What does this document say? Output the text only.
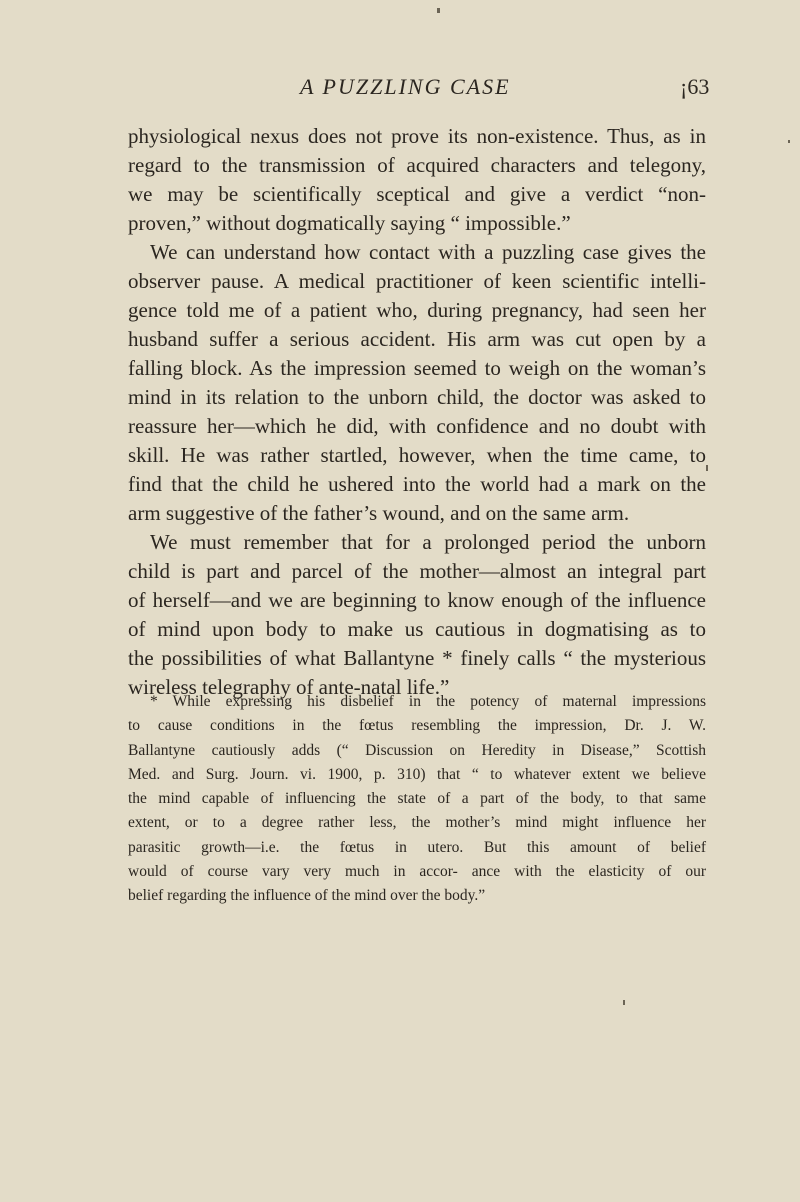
A PUZZLING CASE	¡63

physiological nexus does not prove its non-existence. Thus, as in

regard to the transmission of acquired characters and telegony,

we may be scientifically sceptical and give a verdict “non-

proven,” without dogmatically saying “ impossible.”

We can understand how contact with a puzzling case gives the

observer pause. A medical practitioner of keen scientific intelli-

gence told me of a patient who, during pregnancy, had seen her

husband suffer a serious accident. His arm was cut open by a

falling block. As the impression seemed to weigh on the woman’s

mind in its relation to the unborn child, the doctor was asked to

reassure her—which he did, with confidence and no doubt with

skill. He was rather startled, however, when the time came, to

find that the child he ushered into the world had a mark on the

arm suggestive of the father’s wound, and on the same arm.

We must remember that for a prolonged period the unborn

child is part and parcel of the mother—almost an integral part

of herself—and we are beginning to know enough of the influence

of mind upon body to make us cautious in dogmatising as to

the possibilities of what Ballantyne * finely calls “ the mysterious

wireless telegraphy of ante-natal life.”

* While expressing his disbelief in the potency of maternal impressions
to cause conditions in the fœtus resembling the impression, Dr. J. W.
Ballantyne cautiously adds (“ Discussion on Heredity in Disease,” Scottish
Med. and Surg. Journ. vi. 1900, p. 310) that “ to whatever extent we believe
the mind capable of influencing the state of a part of the body, to that same
extent, or to a degree rather less, the mother’s mind might influence her
parasitic growth—i.e. the fœtus in utero. But this amount of belief
would of course vary very much in accor- ance with the elasticity of our
belief regarding the influence of the mind over the body.”
